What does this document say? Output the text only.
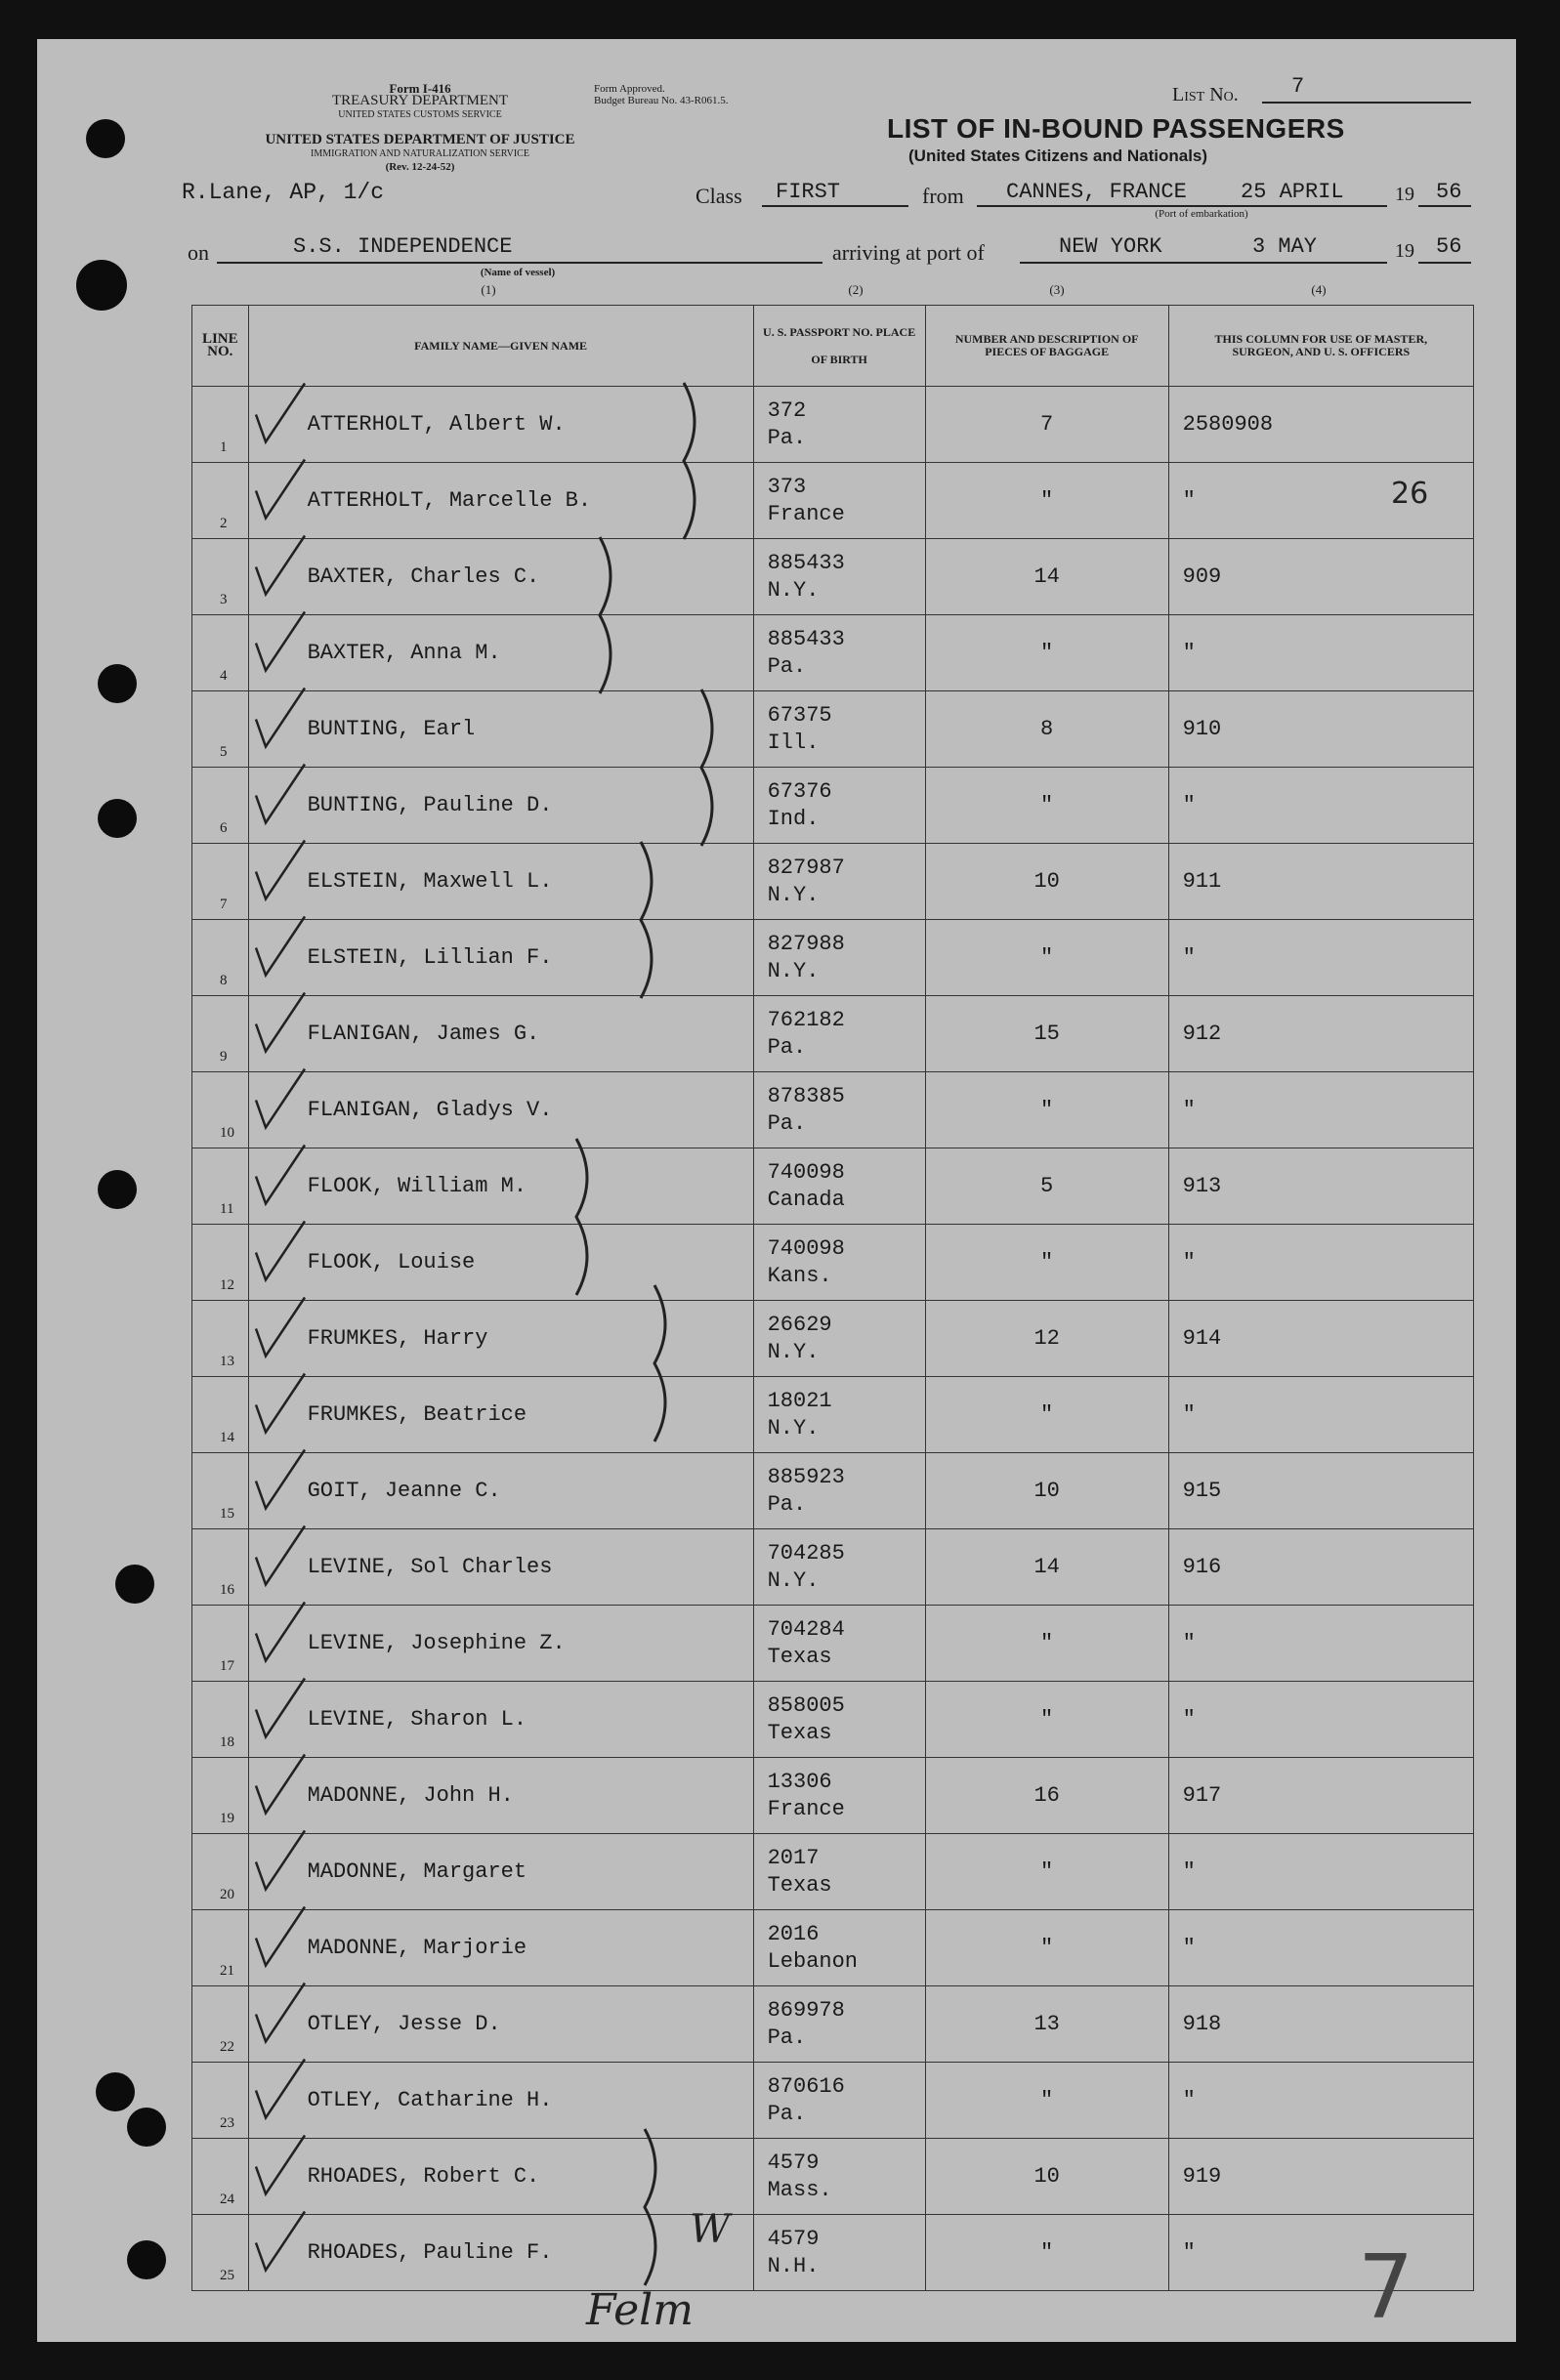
Form I-416
TREASURY DEPARTMENT
UNITED STATES CUSTOMS SERVICE
UNITED STATES DEPARTMENT OF JUSTICE
IMMIGRATION AND NATURALIZATION SERVICE
(Rev. 12-24-52)
Form Approved.
Budget Bureau No. 43-R061.5.	List No. 7
LIST OF IN-BOUND PASSENGERS
(United States Citizens and Nationals)
R.Lane, AP, 1/c	Class FIRST	from CANNES, FRANCE	25 APRIL	19 56
(Port of embarkation)
on	S.S. INDEPENDENCE	arriving at port of	NEW YORK	3 MAY	19 56
(Name of vessel)
(1)	(2)	(3)	(4)
LINE NO.	FAMILY NAME—GIVEN NAME	U. S. PASSPORT NO. PLACE OF BIRTH	NUMBER AND DESCRIPTION OF PIECES OF BAGGAGE	THIS COLUMN FOR USE OF MASTER, SURGEON, AND U. S. OFFICERS
1	ATTERHOLT, Albert W.	372
Pa.	7	2580908
2	ATTERHOLT, Marcelle B.	373
France	"	"
3	BAXTER, Charles C.	885433
N.Y.	14	909
4	BAXTER, Anna M.	885433
Pa.	"	"
5	BUNTING, Earl	67375
Ill.	8	910
6	BUNTING, Pauline D.	67376
Ind.	"	"
7	ELSTEIN, Maxwell L.	827987
N.Y.	10	911
8	ELSTEIN, Lillian F.	827988
N.Y.	"	"
9	FLANIGAN, James G.	762182
Pa.	15	912
10	FLANIGAN, Gladys V.	878385
Pa.	"	"
11	FLOOK, William M.	740098
Canada	5	913
12	FLOOK, Louise	740098
Kans.	"	"
13	FRUMKES, Harry	26629
N.Y.	12	914
14	FRUMKES, Beatrice	18021
N.Y.	"	"
15	GOIT, Jeanne C.	885923
Pa.	10	915
16	LEVINE, Sol Charles	704285
N.Y.	14	916
17	LEVINE, Josephine Z.	704284
Texas	"	"
18	LEVINE, Sharon L.	858005
Texas	"	"
19	MADONNE, John H.	13306
France	16	917
20	MADONNE, Margaret	2017
Texas	"	"
21	MADONNE, Marjorie	2016
Lebanon	"	"
22	OTLEY, Jesse D.	869978
Pa.	13	918
23	OTLEY, Catharine H.	870616
Pa.	"	"
24	RHOADES, Robert C.	4579
Mass.	10	919
25	RHOADES, Pauline F.	4579
N.H.	"	"
26
Felm	7
W
